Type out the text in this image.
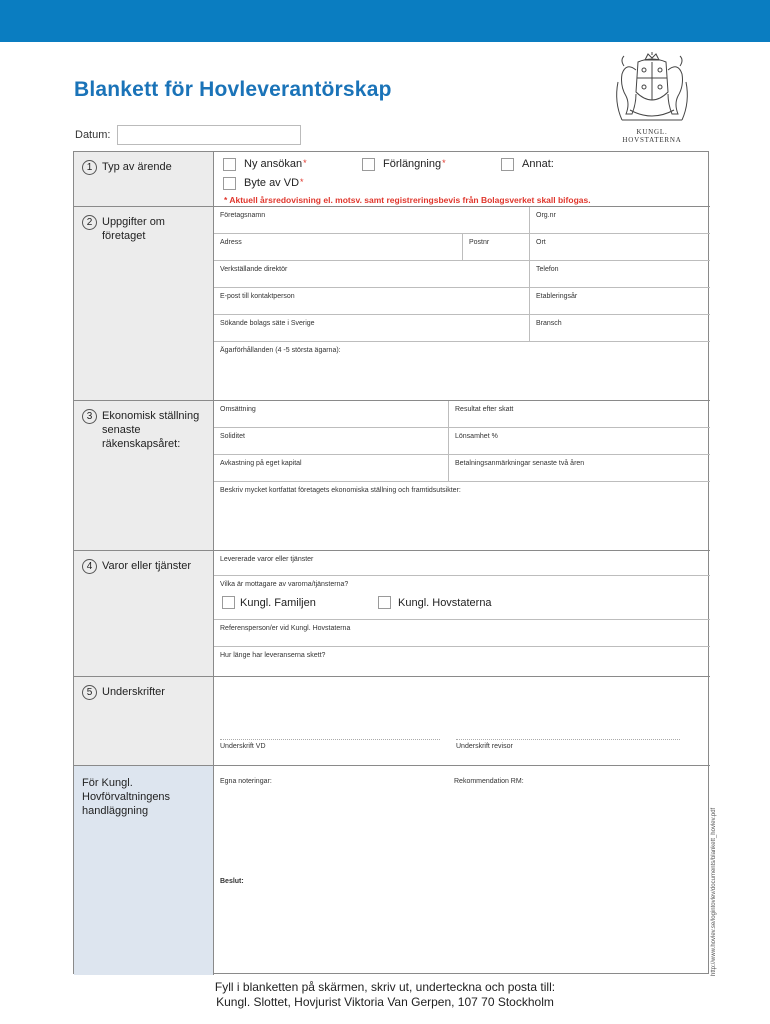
Blankett för Hovleverantörskap
KUNGL. HOVSTATERNA
Datum:
1 Typ av ärende	Ny ansökan*	Förlängning*	Annat:
Byte av VD*
* Aktuell årsredovisning el. motsv. samt registreringsbevis från Bolagsverket skall bifogas.
2 Uppgifter om företaget
Företagsnamn	Org.nr
Adress	Postnr	Ort
Verkställande direktör	Telefon
E-post till kontaktperson	Etableringsår
Sökande bolags säte i Sverige	Bransch
Ägarförhållanden (4 -5 största ägarna):
3 Ekonomisk ställning senaste räkenskapsåret:
Omsättning	Resultat efter skatt
Soliditet	Lönsamhet %
Avkastning på eget kapital	Betalningsanmärkningar senaste två åren
Beskriv mycket kortfattat företagets ekonomiska ställning och framtidsutsikter:
4 Varor eller tjänster
Levererade varor eller tjänster
Vilka är mottagare av varorna/tjänsterna?
Kungl. Familjen	Kungl. Hovstaterna
Referensperson/er vid Kungl. Hovstaterna
Hur länge har leveranserna skett?
5 Underskrifter
Underskrift VD	Underskrift revisor
För Kungl. Hovförvaltningens handläggning
Egna noteringar:	Rekommendation RM:
Beslut:	http://www.hovlev.se/logintovlev/documents/blankett_hovlev.pdf
Fyll i blanketten på skärmen, skriv ut, underteckna och posta till:
Kungl. Slottet, Hovjurist Viktoria Van Gerpen, 107 70 Stockholm
